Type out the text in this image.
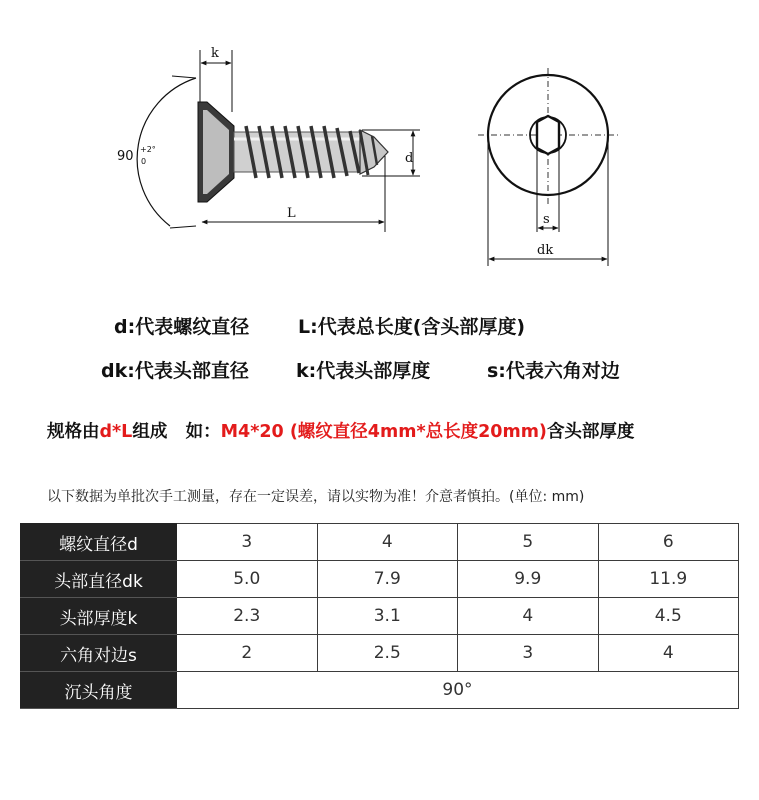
90 +2°
0
k
d
L	s
dk
d:代表螺纹直径	L:代表总长度(含头部厚度)
dk:代表头部直径 k:代表头部厚度	s:代表六角对边
规格由d*L组成   如：M4*20 (螺纹直径4mm*总长度20mm)含头部厚度
以下数据为单批次手工测量，存在一定误差，请以实物为准！介意者慎拍。(单位: mm)
螺纹直径d	3	4	5	6
头部直径dk	5.0	7.9	9.9	11.9
头部厚度k	2.3	3.1	4	4.5
六角对边s	2	2.5	3	4
沉头角度	90°			
